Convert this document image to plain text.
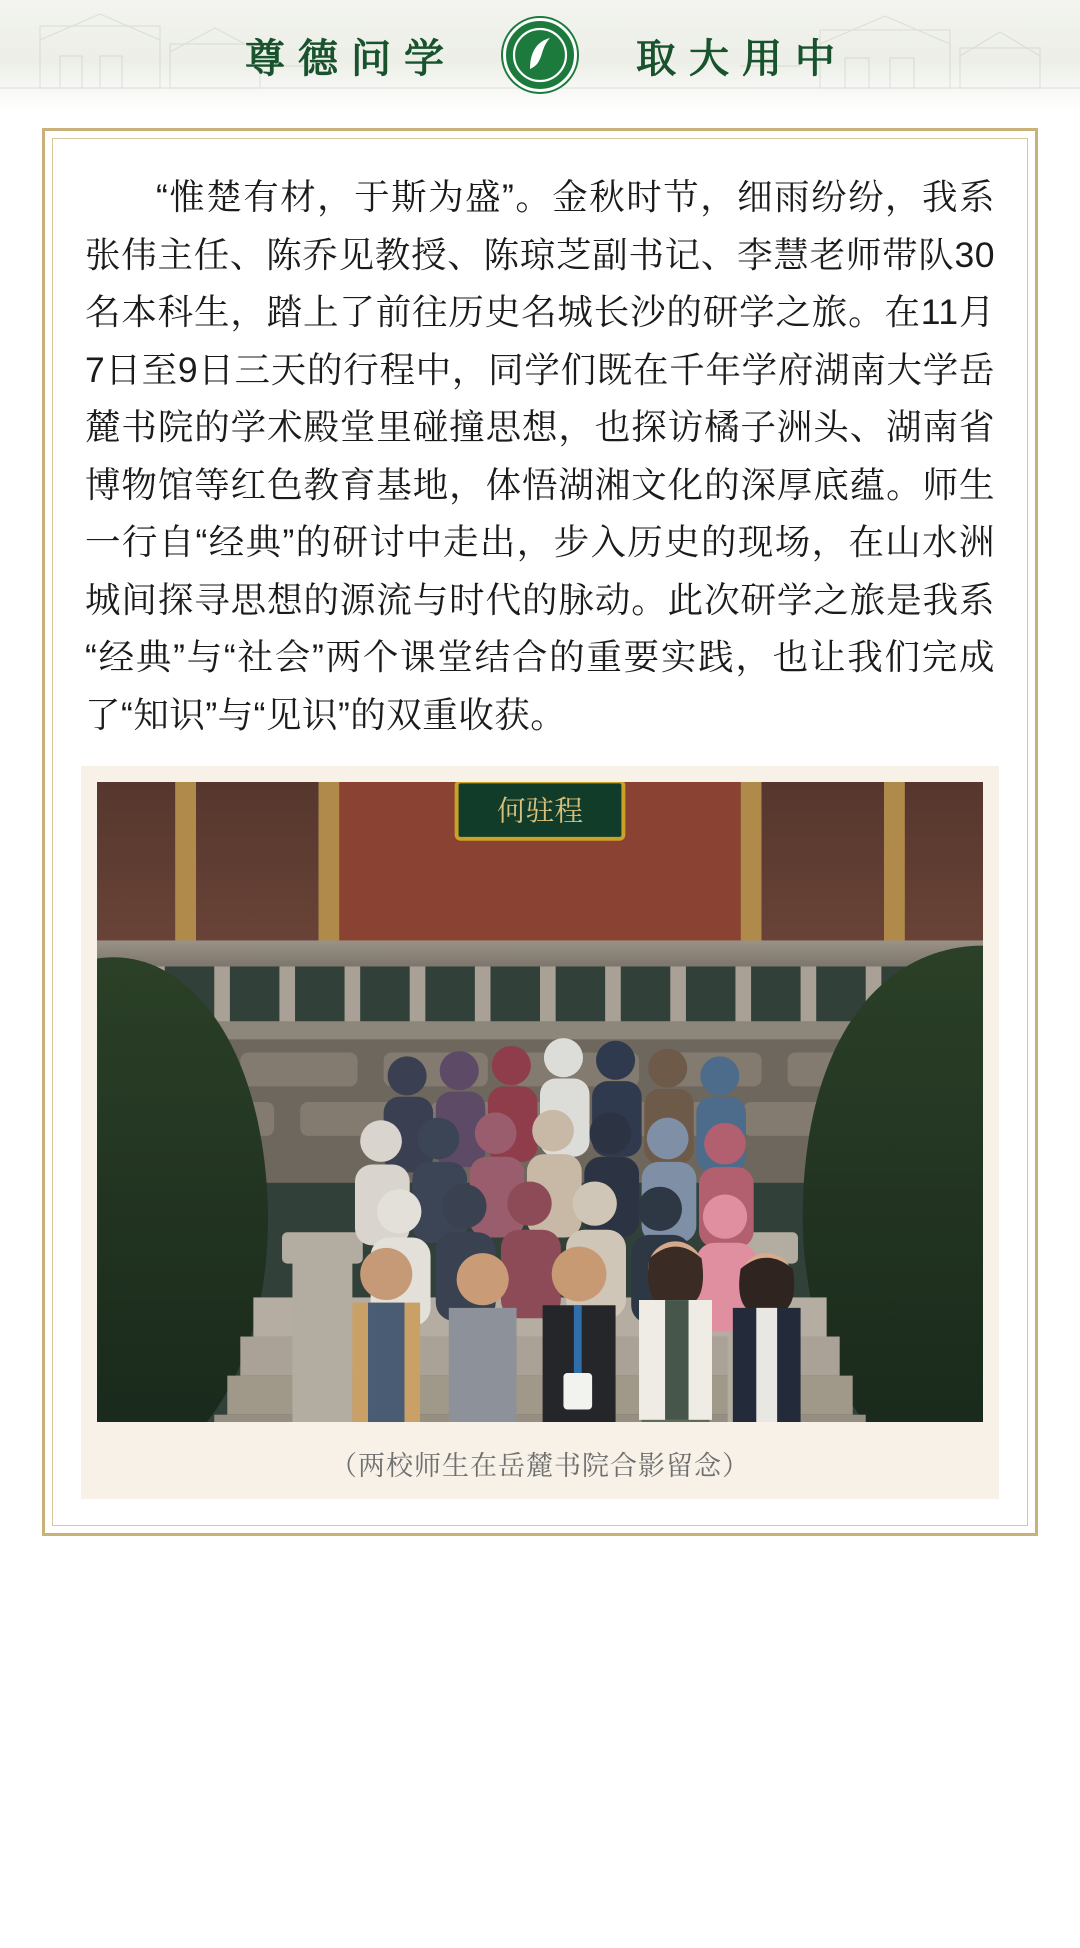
尊德问学	取大用中

“惟楚有材，于斯为盛”。金秋时节，细雨纷纷，我系张伟主任、陈乔见教授、陈琼芝副书记、李慧老师带队30名本科生，踏上了前往历史名城长沙的研学之旅。在11月7日至9日三天的行程中，同学们既在千年学府湖南大学岳麓书院的学术殿堂里碰撞思想，也探访橘子洲头、湖南省博物馆等红色教育基地，体悟湖湘文化的深厚底蕴。师生一行自“经典”的研讨中走出，步入历史的现场，在山水洲城间探寻思想的源流与时代的脉动。此次研学之旅是我系“经典”与“社会”两个课堂结合的重要实践，也让我们完成了“知识”与“见识”的双重收获。

何驻程
（两校师生在岳麓书院合影留念）
